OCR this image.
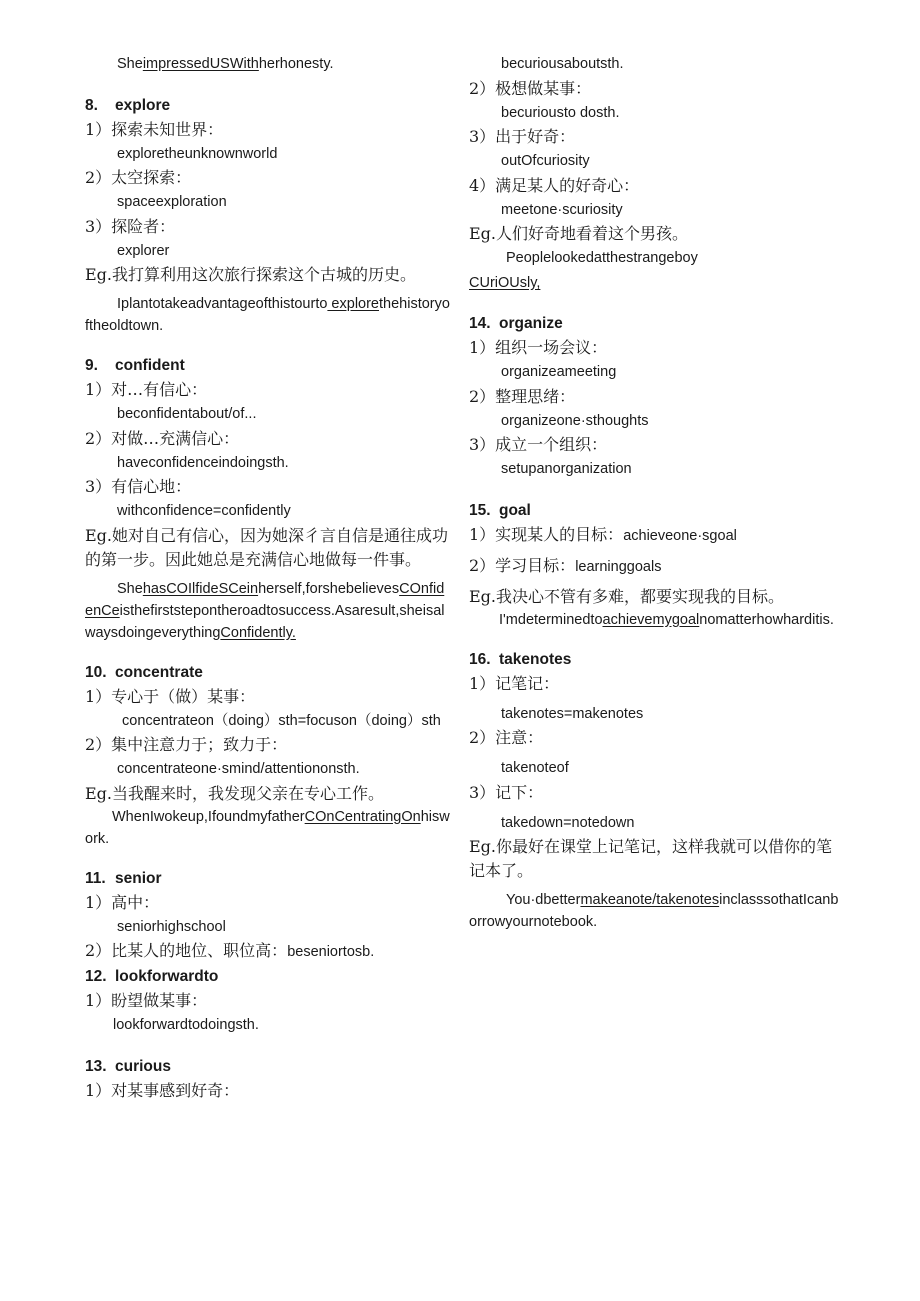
SheimpressedUSWithherhonesty.
8. explore
1）探索未知世界：
exploretheunknownworld
2）太空探索：
spaceexploration
3）探险者：
explorer
Eg.我打算利用这次旅行探索这个古城的历史。
Iplantotakeadvantageofthistourto explorethehistoryoftheoldtown.
9. confident
1）对…有信心：
beconfidentabout/of...
2）对做…充满信心：
haveconfidenceindoingsth.
3）有信心地：
withconfidence=confidently
Eg.她对自己有信心，因为她深彳言自信是通往成功的第一步。因此她总是充满信心地做每一件事。
ShehasCOIlfideSCeinherself,forshebelievesCOnfidenCeisthefirststepontheroadtosuccess.Asaresult,sheisalwaysdoingeverythingConfidently.
10. concentrate
1）专心于（做）某事：
concentrateon（doing）sth=focuson（doing）sth
2）集中注意力于；致力于：
concentrateone·smind/attentiononsth.
Eg.当我醒来时，我发现父亲在专心工作。
WhenIwokeup,IfoundmyfatherCOnCentratingOnhiswork.
11. senior
1）高中：
seniorhighschool
2）比某人的地位、职位高：beseniortosb.
12. lookforwardto
1）盼望做某事：
lookforwardtodoingsth.
13. curious
1）对某事感到好奇：
becuriousaboutsth.
2）极想做某事：
becuriousto dosth.
3）出于好奇：
outOfcuriosity
4）满足某人的好奇心：
meetone·scuriosity
Eg.人们好奇地看着这个男孩。
Peoplelookedatthestrangeboy
CUriOUsly,
14. organize
1）组织一场会议：
organizeameeting
2）整理思绪：
organizeone·sthoughts
3）成立一个组织：
setupanorganization
15. goal
1）实现某人的目标：achieveone·sgoal
2）学习目标：learninggoals
Eg.我决心不管有多难，都要实现我的目标。
I'mdeterminedtoachievemygoalnomatterhowharditis.
16. takenotes
1）记笔记：
takenotes=makenotes
2）注意：
takenoteof
3）记下：
takedown=notedown
Eg.你最好在课堂上记笔记，这样我就可以借你的笔记本了。
You·dbettermakeanote/takenotesinclasssothatIcanborrowyournotebook.
